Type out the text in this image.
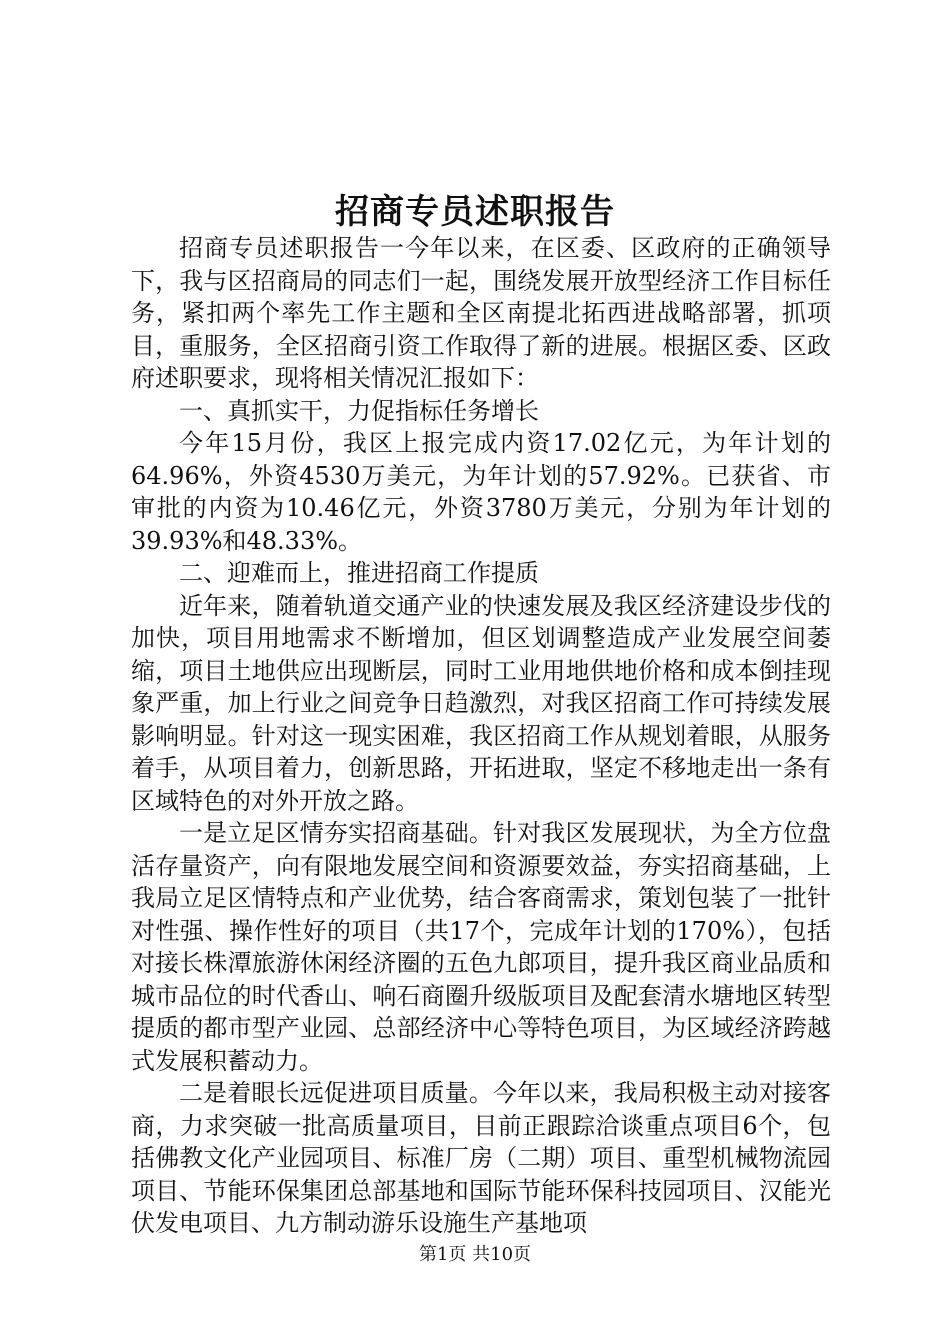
招商专员述职报告

招商专员述职报告一今年以来，在区委、区政府的正确领导下，我与区招商局的同志们一起，围绕发展开放型经济工作目标任务，紧扣两个率先工作主题和全区南提北拓西进战略部署，抓项目，重服务，全区招商引资工作取得了新的进展。根据区委、区政府述职要求，现将相关情况汇报如下：

一、真抓实干，力促指标任务增长

今年15月份，我区上报完成内资17.02亿元，为年计划的64.96%，外资4530万美元，为年计划的57.92%。已获省、市审批的内资为10.46亿元，外资3780万美元，分别为年计划的39.93%和48.33%。

二、迎难而上，推进招商工作提质

近年来，随着轨道交通产业的快速发展及我区经济建设步伐的加快，项目用地需求不断增加，但区划调整造成产业发展空间萎缩，项目土地供应出现断层，同时工业用地供地价格和成本倒挂现象严重，加上行业之间竞争日趋激烈，对我区招商工作可持续发展影响明显。针对这一现实困难，我区招商工作从规划着眼，从服务着手，从项目着力，创新思路，开拓进取，坚定不移地走出一条有区域特色的对外开放之路。

一是立足区情夯实招商基础。针对我区发展现状，为全方位盘活存量资产，向有限地发展空间和资源要效益，夯实招商基础，上我局立足区情特点和产业优势，结合客商需求，策划包装了一批针对性强、操作性好的项目（共17个，完成年计划的170%），包括对接长株潭旅游休闲经济圈的五色九郎项目，提升我区商业品质和城市品位的时代香山、响石商圈升级版项目及配套清水塘地区转型提质的都市型产业园、总部经济中心等特色项目，为区域经济跨越式发展积蓄动力。

二是着眼长远促进项目质量。今年以来，我局积极主动对接客商，力求突破一批高质量项目，目前正跟踪洽谈重点项目6个，包括佛教文化产业园项目、标准厂房（二期）项目、重型机械物流园项目、节能环保集团总部基地和国际节能环保科技园项目、汉能光伏发电项目、九方制动游乐设施生产基地项

第1页 共10页
